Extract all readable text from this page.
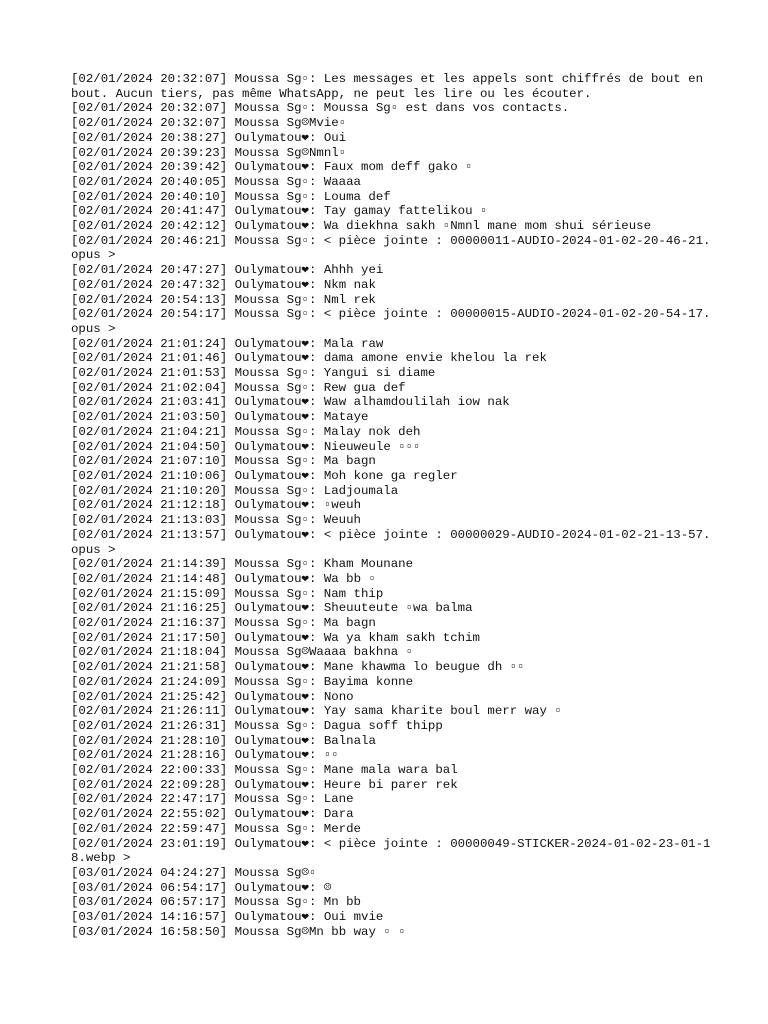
[02/01/2024 20:32:07] Moussa Sg▫: Les messages et les appels sont chiffrés de bout en bout. Aucun tiers, pas même WhatsApp, ne peut les lire ou les écouter.

[02/01/2024 20:32:07] Moussa Sg▫: Moussa Sg▫ est dans vos contacts.

[02/01/2024 20:32:07] Moussa Sg☹Mvie▫

[02/01/2024 20:38:27] Oulymatou❤: Oui

[02/01/2024 20:39:23] Moussa Sg☹Nmnl▫

[02/01/2024 20:39:42] Oulymatou❤: Faux mom deff gako ▫

[02/01/2024 20:40:05] Moussa Sg▫: Waaaa

[02/01/2024 20:40:10] Moussa Sg▫: Louma def

[02/01/2024 20:41:47] Oulymatou❤: Tay gamay fattelikou ▫

[02/01/2024 20:42:12] Oulymatou❤: Wa diekhna sakh ▫Nmnl mane mom shui sérieuse

[02/01/2024 20:46:21] Moussa Sg▫: < pièce jointe : 00000011-AUDIO-2024-01-02-20-46-21.opus >

[02/01/2024 20:47:27] Oulymatou❤: Ahhh yei

[02/01/2024 20:47:32] Oulymatou❤: Nkm nak

[02/01/2024 20:54:13] Moussa Sg▫: Nml rek

[02/01/2024 20:54:17] Moussa Sg▫: < pièce jointe : 00000015-AUDIO-2024-01-02-20-54-17.opus >

[02/01/2024 21:01:24] Oulymatou❤: Mala raw

[02/01/2024 21:01:46] Oulymatou❤: dama amone envie khelou la rek

[02/01/2024 21:01:53] Moussa Sg▫: Yangui si diame

[02/01/2024 21:02:04] Moussa Sg▫: Rew gua def

[02/01/2024 21:03:41] Oulymatou❤: Waw alhamdoulilah iow nak

[02/01/2024 21:03:50] Oulymatou❤: Mataye

[02/01/2024 21:04:21] Moussa Sg▫: Malay nok deh

[02/01/2024 21:04:50] Oulymatou❤: Nieuweule ▫▫▫

[02/01/2024 21:07:10] Moussa Sg▫: Ma bagn

[02/01/2024 21:10:06] Oulymatou❤: Moh kone ga regler

[02/01/2024 21:10:20] Moussa Sg▫: Ladjoumala

[02/01/2024 21:12:18] Oulymatou❤: ▫weuh

[02/01/2024 21:13:03] Moussa Sg▫: Weuuh

[02/01/2024 21:13:57] Oulymatou❤: < pièce jointe : 00000029-AUDIO-2024-01-02-21-13-57.opus >

[02/01/2024 21:14:39] Moussa Sg▫: Kham Mounane

[02/01/2024 21:14:48] Oulymatou❤: Wa bb ▫

[02/01/2024 21:15:09] Moussa Sg▫: Nam thip

[02/01/2024 21:16:25] Oulymatou❤: Sheuuteute ▫wa balma

[02/01/2024 21:16:37] Moussa Sg▫: Ma bagn

[02/01/2024 21:17:50] Oulymatou❤: Wa ya kham sakh tchim

[02/01/2024 21:18:04] Moussa Sg☹Waaaa bakhna ▫

[02/01/2024 21:21:58] Oulymatou❤: Mane khawma lo beugue dh ▫▫

[02/01/2024 21:24:09] Moussa Sg▫: Bayima konne

[02/01/2024 21:25:42] Oulymatou❤: Nono

[02/01/2024 21:26:11] Oulymatou❤: Yay sama kharite boul merr way ▫

[02/01/2024 21:26:31] Moussa Sg▫: Dagua soff thipp

[02/01/2024 21:28:10] Oulymatou❤: Balnala

[02/01/2024 21:28:16] Oulymatou❤: ▫▫

[02/01/2024 22:00:33] Moussa Sg▫: Mane mala wara bal

[02/01/2024 22:09:28] Oulymatou❤: Heure bi parer rek

[02/01/2024 22:47:17] Moussa Sg▫: Lane

[02/01/2024 22:55:02] Oulymatou❤: Dara

[02/01/2024 22:59:47] Moussa Sg▫: Merde

[02/01/2024 23:01:19] Oulymatou❤: < pièce jointe : 00000049-STICKER-2024-01-02-23-01-18.webp >

[03/01/2024 04:24:27] Moussa Sg☹▫

[03/01/2024 06:54:17] Oulymatou❤: ☹

[03/01/2024 06:57:17] Moussa Sg▫: Mn bb

[03/01/2024 14:16:57] Oulymatou❤: Oui mvie

[03/01/2024 16:58:50] Moussa Sg☹Mn bb way ▫ ▫
